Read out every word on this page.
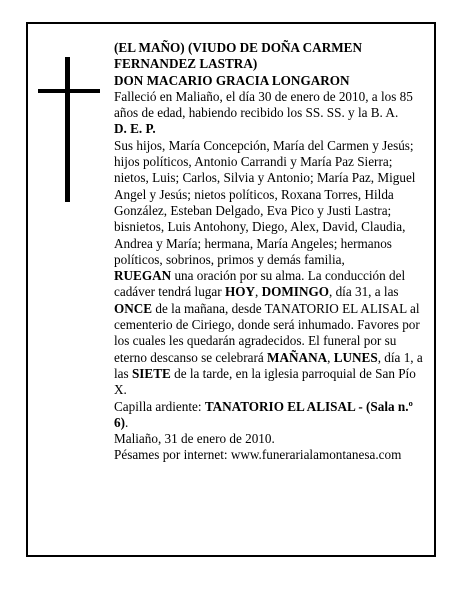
(EL MAÑO) (VIUDO DE DOÑA CARMEN FERNANDEZ LASTRA)

DON MACARIO GRACIA LONGARON

Falleció en Maliaño, el día 30 de enero de 2010, a los 85 años de edad, habiendo recibido los SS. SS. y la B. A.

D. E. P.

Sus hijos, María Concepción, María del Carmen y Jesús; hijos políticos, Antonio Carrandi y María Paz Sierra; nietos, Luis; Carlos, Silvia y Antonio; María Paz, Miguel Angel y Jesús; nietos políticos, Roxana Torres, Hilda González, Esteban Delgado, Eva Pico y Justi Lastra; bisnietos, Luis Antohony, Diego, Alex, David, Claudia, Andrea y María; hermana, María Angeles; hermanos políticos, sobrinos, primos y demás familia,

RUEGAN una oración por su alma. La conducción del cadáver tendrá lugar HOY, DOMINGO, día 31, a las ONCE de la mañana, desde TANATORIO EL ALISAL al cementerio de Ciriego, donde será inhumado. Favores por los cuales les quedarán agradecidos. El funeral por su eterno descanso se celebrará MAÑANA, LUNES, día 1, a las SIETE de la tarde, en la iglesia parroquial de San Pío X.

Capilla ardiente: TANATORIO EL ALISAL - (Sala n.º 6).

Maliaño, 31 de enero de 2010.

Pésames por internet: www.funerarialamontanesa.com
